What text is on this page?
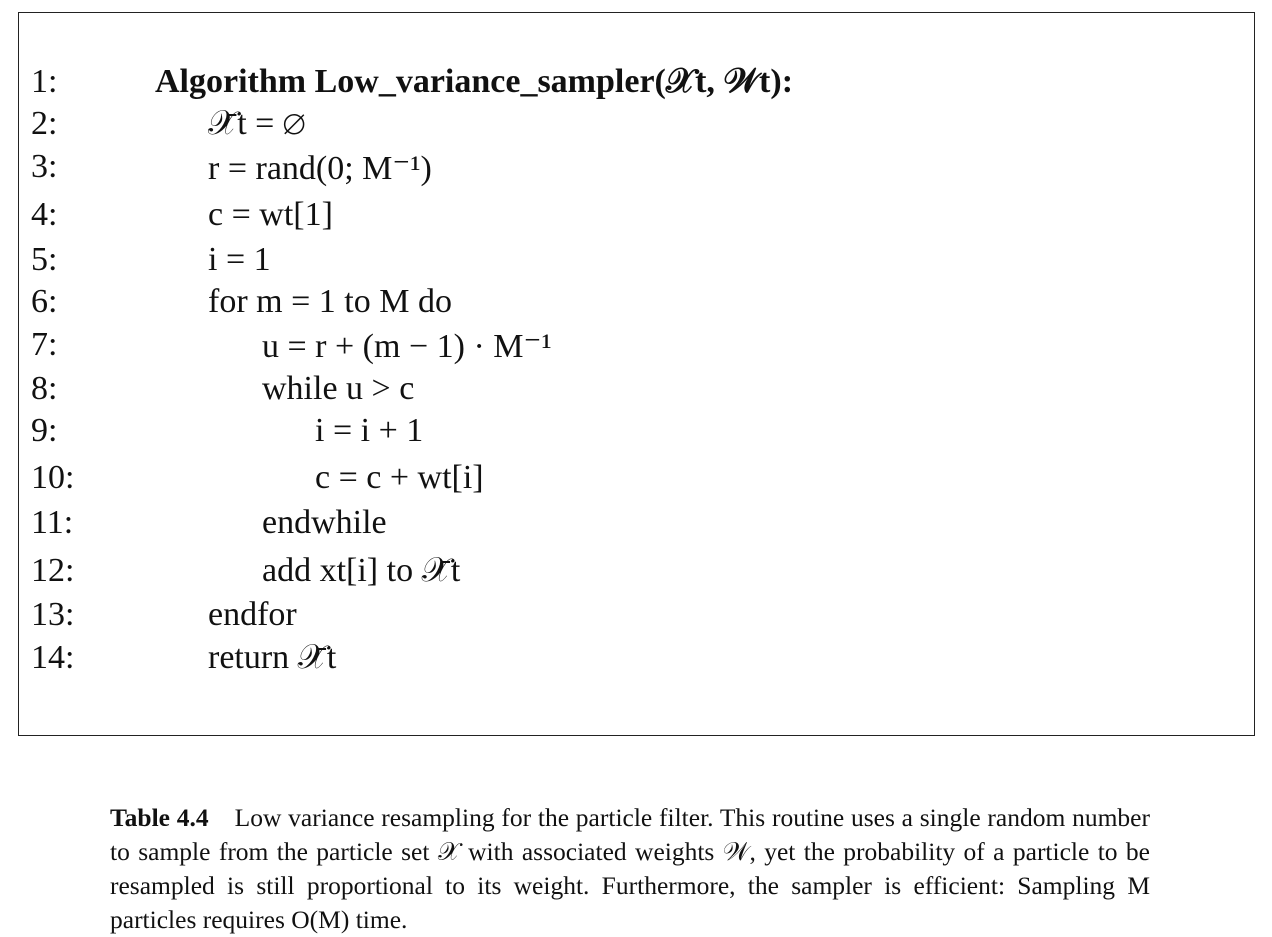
1:	Algorithm Low_variance_sampler(𝒳t, 𝒲t):
2:	𝒳̄t = ∅
3:	r = rand(0; M⁻¹)
4:	c = wt[1]
5:	i = 1
6:	for m = 1 to M do
7:	u = r + (m − 1) · M⁻¹
8:	while u > c
9:	i = i + 1
10:	c = c + wt[i]
11:	endwhile
12:	add xt[i] to 𝒳̄t
13:	endfor
14:	return 𝒳̄t
Table 4.4 Low variance resampling for the particle filter. This routine uses a single random number to sample from the particle set 𝒳 with associated weights 𝒲, yet the probability of a particle to be resampled is still proportional to its weight. Furthermore, the sampler is efficient: Sampling M particles requires O(M) time.
